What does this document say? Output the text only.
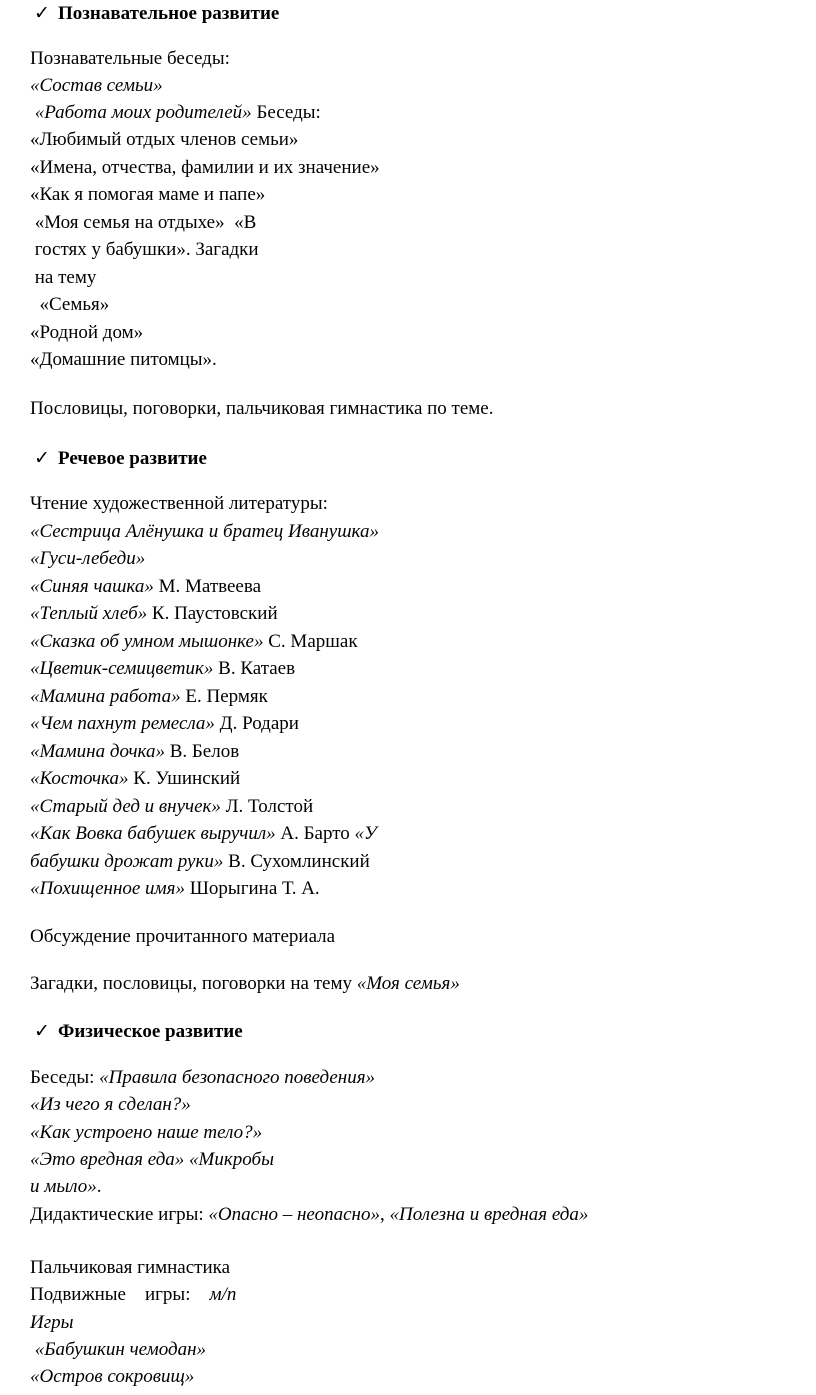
✓ Познавательное развитие
Познавательные беседы:
«Состав семьи»
«Работа моих родителей» Беседы:
«Любимый отдых членов семьи»
«Имена, отчества, фамилии и их значение»
«Как я помогая маме и папе»
«Моя семья на отдыхе»  «В
гостях у бабушки». Загадки
на тему
«Семья»
«Родной дом»
«Домашние питомцы».
Пословицы, поговорки, пальчиковая гимнастика по теме.
✓ Речевое развитие
Чтение художественной литературы:
«Сестрица Алёнушка и братец Иванушка»
«Гуси-лебеди»
«Синяя чашка» М. Матвеева
«Теплый хлеб» К. Паустовский
«Сказка об умном мышонке» С. Маршак
«Цветик-семицветик» В. Катаев
«Мамина работа» Е. Пермяк
«Чем пахнут ремесла» Д. Родари
«Мамина дочка» В. Белов
«Косточка» К. Ушинский
«Старый дед и внучек» Л. Толстой
«Как Вовка бабушек выручил» А. Барто «У
бабушки дрожат руки» В. Сухомлинский
«Похищенное имя» Шорыгина Т. А.
Обсуждение прочитанного материала
Загадки, пословицы, поговорки на тему «Моя семья»
✓ Физическое развитие
Беседы: «Правила безопасного поведения»
«Из чего я сделан?»
«Как устроено наше тело?»
«Это вредная еда» «Микробы
и мыло».
Дидактические игры: «Опасно – неопасно», «Полезна и вредная еда»
Пальчиковая гимнастика
Подвижные    игры:    м/п
Игры
«Бабушкин чемодан»
«Остров сокровищ»
